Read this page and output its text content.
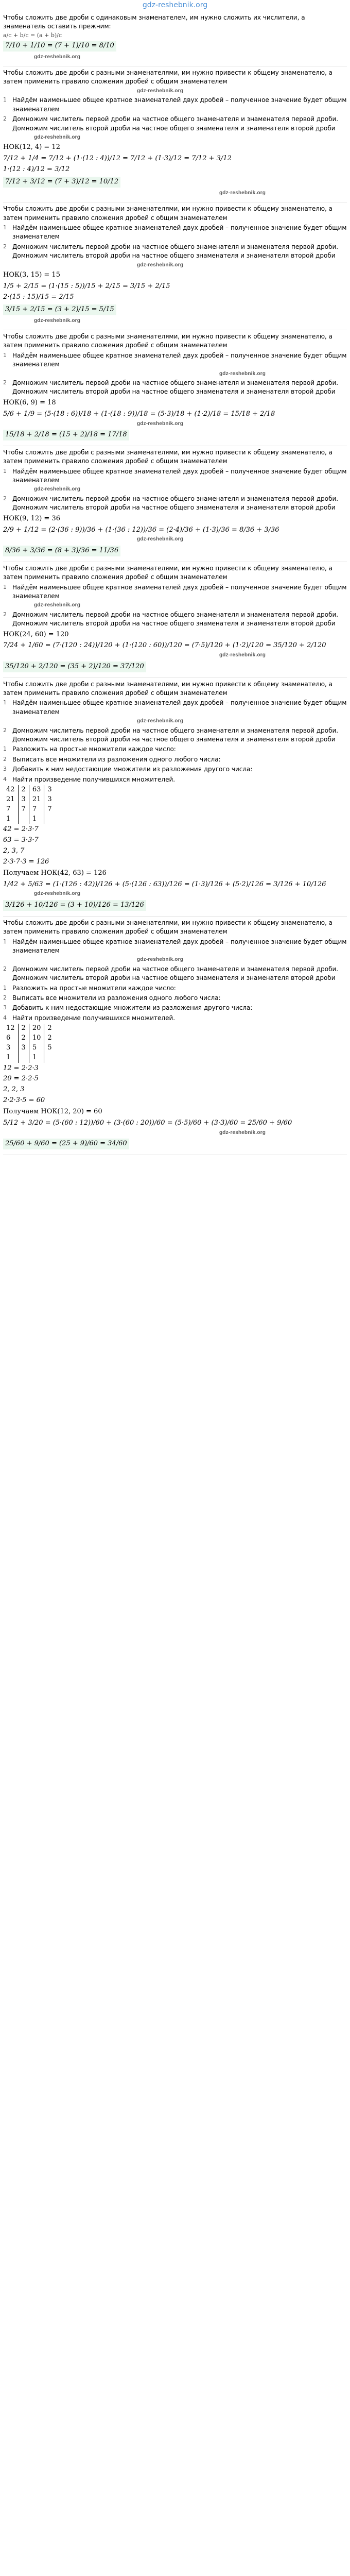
gdz-reshebnik.org

Чтобы сложить две дроби с одинаковым знаменателем, им нужно сложить их числители, а знаменатель оставить прежним:

a/c + b/c = (a + b)/c
7/10 + 1/10 = (7 + 1)/10 = 8/10
gdz-reshebnik.org

Чтобы сложить две дроби с разными знаменателями, им нужно привести к общему знаменателю, а затем применить правило сложения дробей с общим знаменателем

gdz-reshebnik.org
1 Найдём наименьшее общее кратное знаменателей двух дробей – полученное значение будет общим знаменателем
2 Домножим числитель первой дроби на частное общего знаменателя и знаменателя первой дроби. Домножим числитель второй дроби на частное общего знаменателя и знаменателя второй дроби
gdz-reshebnik.org
НОК(12, 4) = 12
7/12 + 1/4 = 7/12 + (1·(12 : 4))/12 = 7/12 + (1·3)/12 = 7/12 + 3/12
1·(12 : 4)/12 = 3/12
7/12 + 3/12 = (7 + 3)/12 = 10/12
gdz-reshebnik.org

Чтобы сложить две дроби с разными знаменателями, им нужно привести к общему знаменателю, а затем применить правило сложения дробей с общим знаменателем

1 Найдём наименьшее общее кратное знаменателей двух дробей – полученное значение будет общим знаменателем
2 Домножим числитель первой дроби на частное общего знаменателя и знаменателя первой дроби. Домножим числитель второй дроби на частное общего знаменателя и знаменателя второй дроби
gdz-reshebnik.org
НОК(3, 15) = 15
1/5 + 2/15 = (1·(15 : 5))/15 + 2/15 = 3/15 + 2/15
2·(15 : 15)/15 = 2/15
3/15 + 2/15 = (3 + 2)/15 = 5/15
gdz-reshebnik.org

Чтобы сложить две дроби с разными знаменателями, им нужно привести к общему знаменателю, а затем применить правило сложения дробей с общим знаменателем

1 Найдём наименьшее общее кратное знаменателей двух дробей – полученное значение будет общим знаменателем
gdz-reshebnik.org
2 Домножим числитель первой дроби на частное общего знаменателя и знаменателя первой дроби. Домножим числитель второй дроби на частное общего знаменателя и знаменателя второй дроби
НОК(6, 9) = 18
5/6 + 1/9 = (5·(18 : 6))/18 + (1·(18 : 9))/18 = (5·3)/18 + (1·2)/18 = 15/18 + 2/18
gdz-reshebnik.org
15/18 + 2/18 = (15 + 2)/18 = 17/18

Чтобы сложить две дроби с разными знаменателями, им нужно привести к общему знаменателю, а затем применить правило сложения дробей с общим знаменателем

1 Найдём наименьшее общее кратное знаменателей двух дробей – полученное значение будет общим знаменателем
gdz-reshebnik.org
2 Домножим числитель первой дроби на частное общего знаменателя и знаменателя первой дроби. Домножим числитель второй дроби на частное общего знаменателя и знаменателя второй дроби
НОК(9, 12) = 36
2/9 + 1/12 = (2·(36 : 9))/36 + (1·(36 : 12))/36 = (2·4)/36 + (1·3)/36 = 8/36 + 3/36
gdz-reshebnik.org
8/36 + 3/36 = (8 + 3)/36 = 11/36

Чтобы сложить две дроби с разными знаменателями, им нужно привести к общему знаменателю, а затем применить правило сложения дробей с общим знаменателем

1 Найдём наименьшее общее кратное знаменателей двух дробей – полученное значение будет общим знаменателем
gdz-reshebnik.org
2 Домножим числитель первой дроби на частное общего знаменателя и знаменателя первой дроби. Домножим числитель второй дроби на частное общего знаменателя и знаменателя второй дроби
НОК(24, 60) = 120
7/24 + 1/60 = (7·(120 : 24))/120 + (1·(120 : 60))/120 = (7·5)/120 + (1·2)/120 = 35/120 + 2/120
gdz-reshebnik.org
35/120 + 2/120 = (35 + 2)/120 = 37/120

Чтобы сложить две дроби с разными знаменателями, им нужно привести к общему знаменателю, а затем применить правило сложения дробей с общим знаменателем

1 Найдём наименьшее общее кратное знаменателей двух дробей – полученное значение будет общим знаменателем
gdz-reshebnik.org
2 Домножим числитель первой дроби на частное общего знаменателя и знаменателя первой дроби. Домножим числитель второй дроби на частное общего знаменателя и знаменателя второй дроби
1 Разложить на простые множители каждое число:
2 Выписать все множители из разложения одного любого числа:
3 Добавить к ним недостающие множители из разложения другого числа:
4 Найти произведение получившихся множителей.
42	2	63	3
21	3	21	3
7	7	7	7
1		1	
42 = 2·3·7
63 = 3·3·7
2, 3, 7
2·3·7·3 = 126
Получаем НОК(42, 63) = 126
1/42 + 5/63 = (1·(126 : 42))/126 + (5·(126 : 63))/126 = (1·3)/126 + (5·2)/126 = 3/126 + 10/126
gdz-reshebnik.org
3/126 + 10/126 = (3 + 10)/126 = 13/126

Чтобы сложить две дроби с разными знаменателями, им нужно привести к общему знаменателю, а затем применить правило сложения дробей с общим знаменателем

1 Найдём наименьшее общее кратное знаменателей двух дробей – полученное значение будет общим знаменателем
gdz-reshebnik.org
2 Домножим числитель первой дроби на частное общего знаменателя и знаменателя первой дроби. Домножим числитель второй дроби на частное общего знаменателя и знаменателя второй дроби
1 Разложить на простые множители каждое число:
2 Выписать все множители из разложения одного любого числа:
3 Добавить к ним недостающие множители из разложения другого числа:
4 Найти произведение получившихся множителей.
12	2	20	2
6	2	10	2
3	3	5	5
1		1	
12 = 2·2·3
20 = 2·2·5
2, 2, 3
2·2·3·5 = 60
Получаем НОК(12, 20) = 60
5/12 + 3/20 = (5·(60 : 12))/60 + (3·(60 : 20))/60 = (5·5)/60 + (3·3)/60 = 25/60 + 9/60
gdz-reshebnik.org
25/60 + 9/60 = (25 + 9)/60 = 34/60
